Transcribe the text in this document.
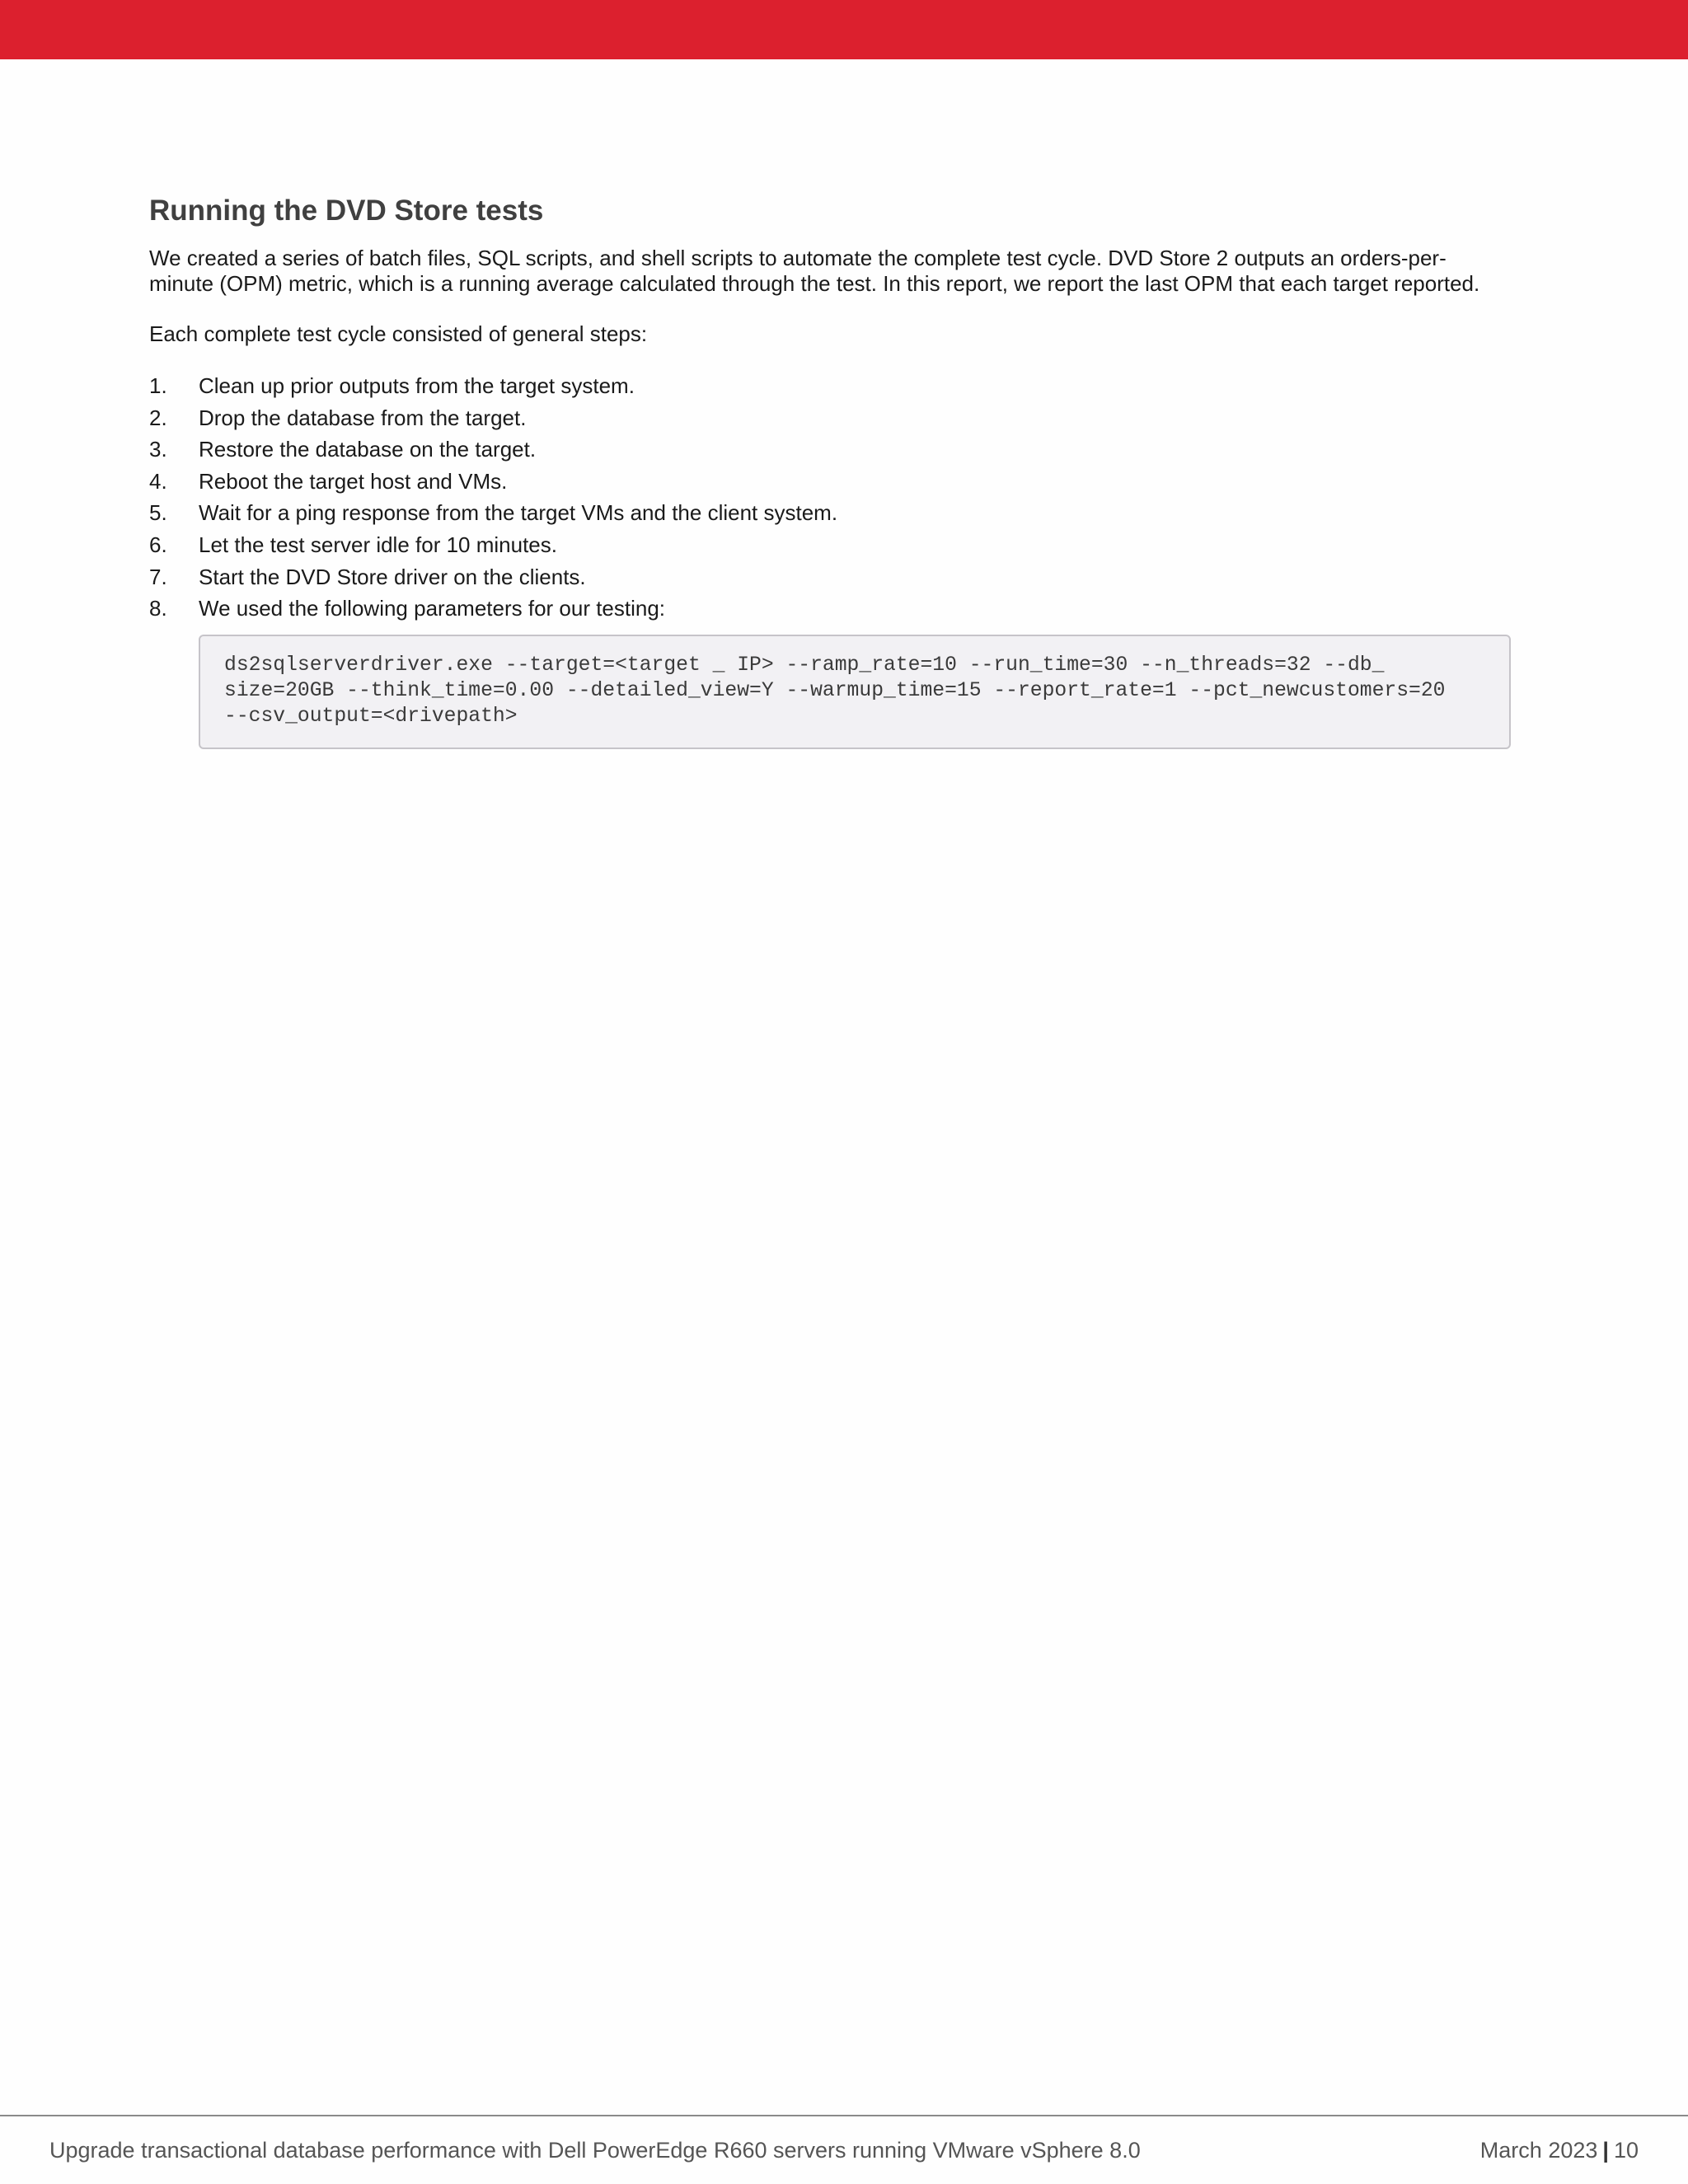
Running the DVD Store tests

We created a series of batch files, SQL scripts, and shell scripts to automate the complete test cycle. DVD Store 2 outputs an orders-per-
minute (OPM) metric, which is a running average calculated through the test. In this report, we report the last OPM that each target reported.

Each complete test cycle consisted of general steps:

1.	Clean up prior outputs from the target system.
2.	Drop the database from the target.
3.	Restore the database on the target.
4.	Reboot the target host and VMs.
5.	Wait for a ping response from the target VMs and the client system.
6.	Let the test server idle for 10 minutes.
7.	Start the DVD Store driver on the clients.
8.	We used the following parameters for our testing:
ds2sqlserverdriver.exe --target=<target _ IP> --ramp_rate=10 --run_time=30 --n_threads=32 --db_
size=20GB --think_time=0.00 --detailed_view=Y --warmup_time=15 --report_rate=1 --pct_newcustomers=20
--csv_output=<drivepath>
Upgrade transactional database performance with Dell PowerEdge R660 servers running VMware vSphere 8.0	March 2023 | 10
